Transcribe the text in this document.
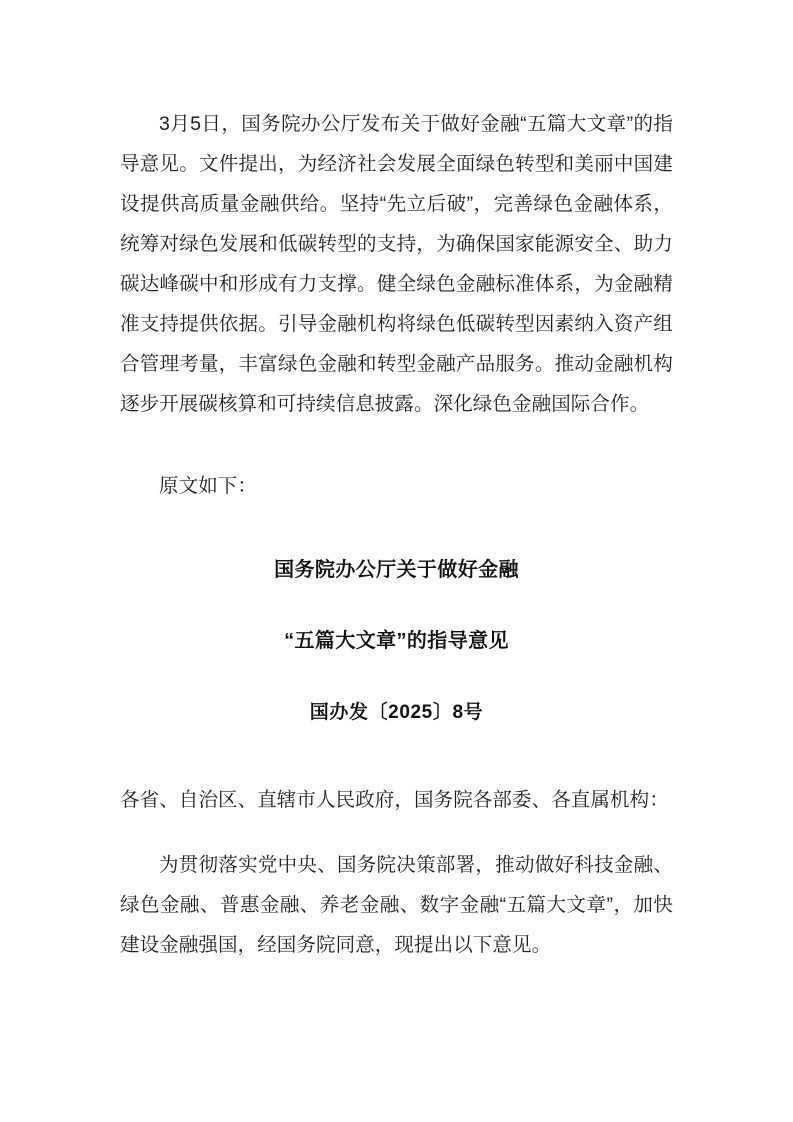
3月5日，国务院办公厅发布关于做好金融“五篇大文章”的指导意见。文件提出，为经济社会发展全面绿色转型和美丽中国建设提供高质量金融供给。坚持“先立后破”，完善绿色金融体系，统筹对绿色发展和低碳转型的支持，为确保国家能源安全、助力碳达峰碳中和形成有力支撑。健全绿色金融标准体系，为金融精准支持提供依据。引导金融机构将绿色低碳转型因素纳入资产组合管理考量，丰富绿色金融和转型金融产品服务。推动金融机构逐步开展碳核算和可持续信息披露。深化绿色金融国际合作。

原文如下：

国务院办公厅关于做好金融

“五篇大文章”的指导意见

国办发〔2025〕8号

各省、自治区、直辖市人民政府，国务院各部委、各直属机构：

为贯彻落实党中央、国务院决策部署，推动做好科技金融、绿色金融、普惠金融、养老金融、数字金融“五篇大文章”，加快建设金融强国，经国务院同意，现提出以下意见。
